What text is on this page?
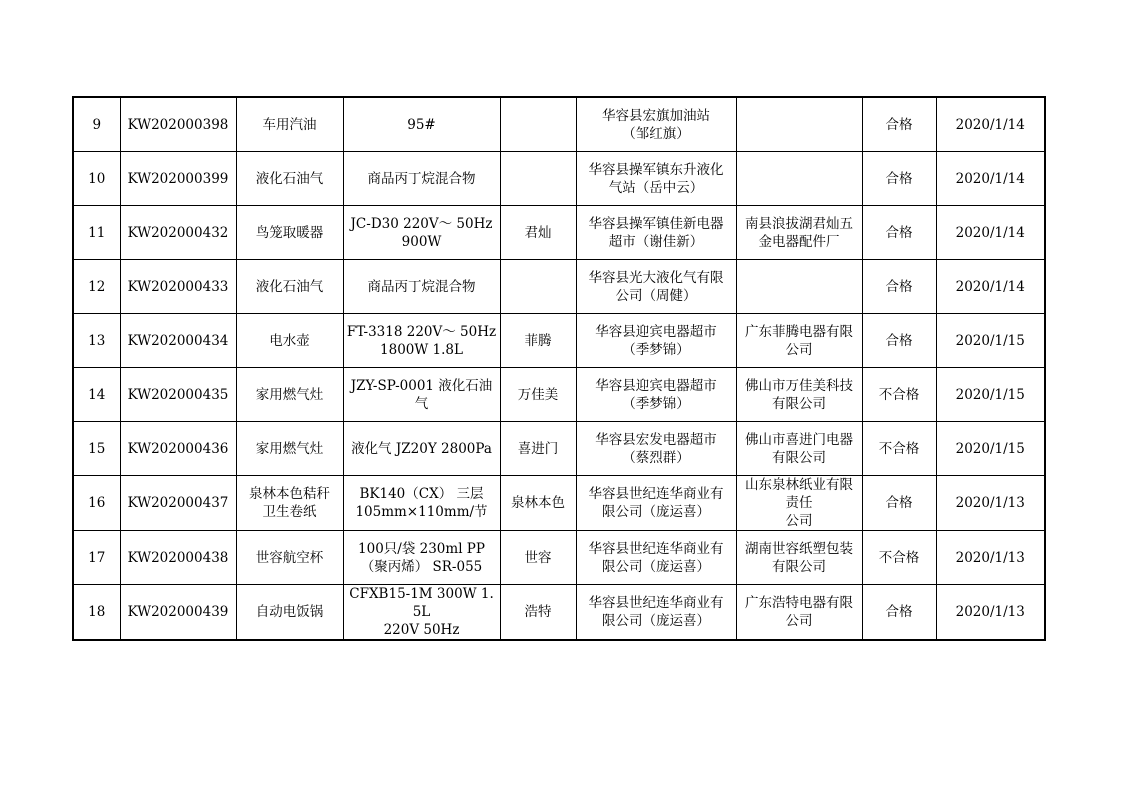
9	KW202000398	车用汽油	95#		华容县宏旗加油站
（邹红旗）		合格	2020/1/14
10	KW202000399	液化石油气	商品丙丁烷混合物		华容县操军镇东升液化
气站（岳中云）		合格	2020/1/14
11	KW202000432	鸟笼取暖器	JC-D30 220V～ 50Hz
900W	君灿	华容县操军镇佳新电器
超市（谢佳新）	南县浪拔湖君灿五
金电器配件厂	合格	2020/1/14
12	KW202000433	液化石油气	商品丙丁烷混合物		华容县光大液化气有限
公司（周健）		合格	2020/1/14
13	KW202000434	电水壶	FT-3318 220V～ 50Hz
1800W 1.8L	菲腾	华容县迎宾电器超市
（季梦锦）	广东菲腾电器有限
公司	合格	2020/1/15
14	KW202000435	家用燃气灶	JZY-SP-0001 液化石油
气	万佳美	华容县迎宾电器超市
（季梦锦）	佛山市万佳美科技
有限公司	不合格	2020/1/15
15	KW202000436	家用燃气灶	液化气 JZ20Y 2800Pa	喜进门	华容县宏发电器超市
（蔡烈群）	佛山市喜进门电器
有限公司	不合格	2020/1/15
16	KW202000437	泉林本色秸秆
卫生卷纸	BK140（CX） 三层
105mm×110mm/节	泉林本色	华容县世纪连华商业有
限公司（庞运喜）	山东泉林纸业有限
责任
公司	合格	2020/1/13
17	KW202000438	世容航空杯	100只/袋 230ml PP
（聚丙烯） SR-055	世容	华容县世纪连华商业有
限公司（庞运喜）	湖南世容纸塑包装
有限公司	不合格	2020/1/13
18	KW202000439	自动电饭锅	CFXB15-1M 300W 1.5L
220V 50Hz	浩特	华容县世纪连华商业有
限公司（庞运喜）	广东浩特电器有限
公司	合格	2020/1/13
